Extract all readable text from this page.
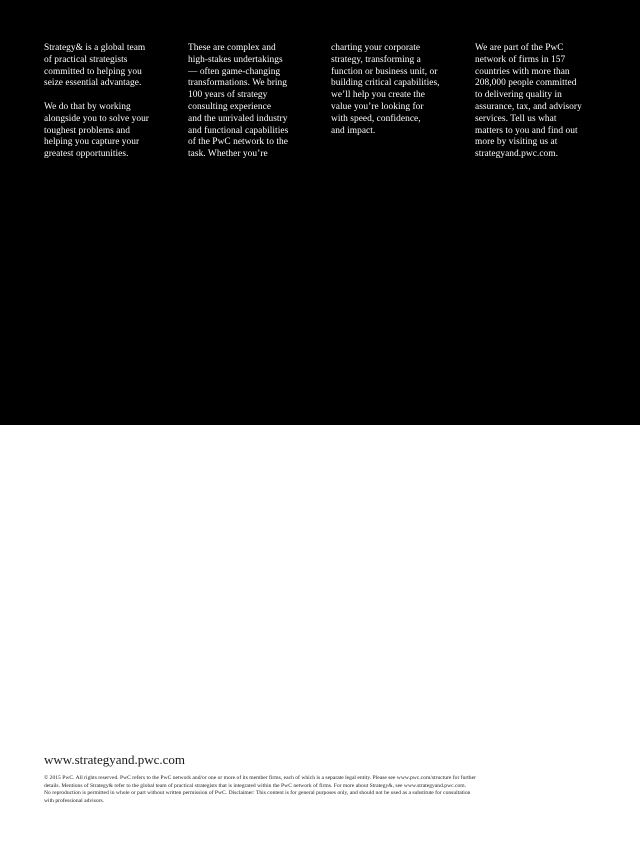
Strategy& is a global team
of practical strategists
committed to helping you
seize essential advantage.

We do that by working
alongside you to solve your
toughest problems and
helping you capture your
greatest opportunities.

These are complex and
high-stakes undertakings
— often game-changing
transformations. We bring
100 years of strategy
consulting experience
and the unrivaled industry
and functional capabilities
of the PwC network to the
task. Whether you’re

charting your corporate
strategy, transforming a
function or business unit, or
building critical capabilities,
we’ll help you create the
value you’re looking for
with speed, confidence,
and impact.

We are part of the PwC
network of firms in 157
countries with more than
208,000 people committed
to delivering quality in
assurance, tax, and advisory
services. Tell us what
matters to you and find out
more by visiting us at
strategyand.pwc.com.

www.strategyand.pwc.com

© 2015 PwC. All rights reserved. PwC refers to the PwC network and/or one or more of its member firms, each of which is a separate legal entity. Please see www.pwc.com/structure for further

details. Mentions of Strategy& refer to the global team of practical strategists that is integrated within the PwC network of firms. For more about Strategy&, see www.strategyand.pwc.com.

No reproduction is permitted in whole or part without written permission of PwC. Disclaimer: This content is for general purposes only, and should not be used as a substitute for consultation

with professional advisors.
